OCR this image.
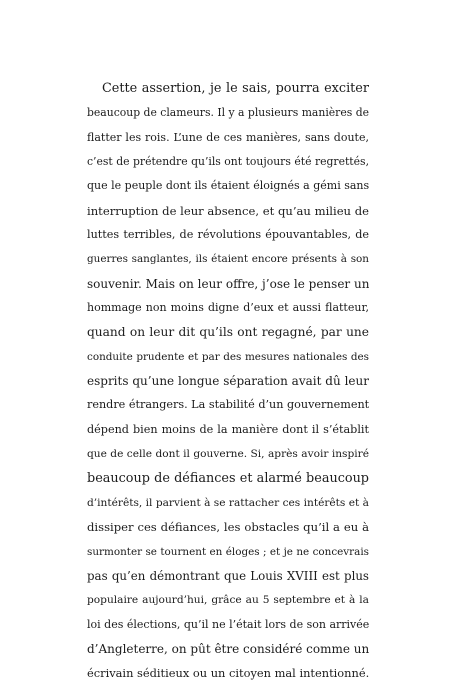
Cette assertion, je le sais, pourra exciter
beaucoup de clameurs. Il y a plusieurs manières de
flatter les rois. L’une de ces manières, sans doute,
c’est de prétendre qu’ils ont toujours été regrettés,
que le peuple dont ils étaient éloignés a gémi sans
interruption de leur absence, et qu’au milieu de
luttes terribles, de révolutions épouvantables, de
guerres sanglantes, ils étaient encore présents à son
souvenir. Mais on leur offre, j’ose le penser un
hommage non moins digne d’eux et aussi flatteur,
quand on leur dit qu’ils ont regagné, par une
conduite prudente et par des mesures nationales des
esprits qu’une longue séparation avait dû leur
rendre étrangers. La stabilité d’un gouvernement
dépend bien moins de la manière dont il s’établit
que de celle dont il gouverne. Si, après avoir inspiré
beaucoup de défiances et alarmé beaucoup
d’intérêts, il parvient à se rattacher ces intérêts et à
dissiper ces défiances, les obstacles qu’il a eu à
surmonter se tournent en éloges ; et je ne concevrais
pas qu’en démontrant que Louis XVIII est plus
populaire aujourd’hui, grâce au 5 septembre et à la
loi des élections, qu’il ne l’était lors de son arrivée
d’Angleterre, on pût être considéré comme un
écrivain séditieux ou un citoyen mal intentionné.
